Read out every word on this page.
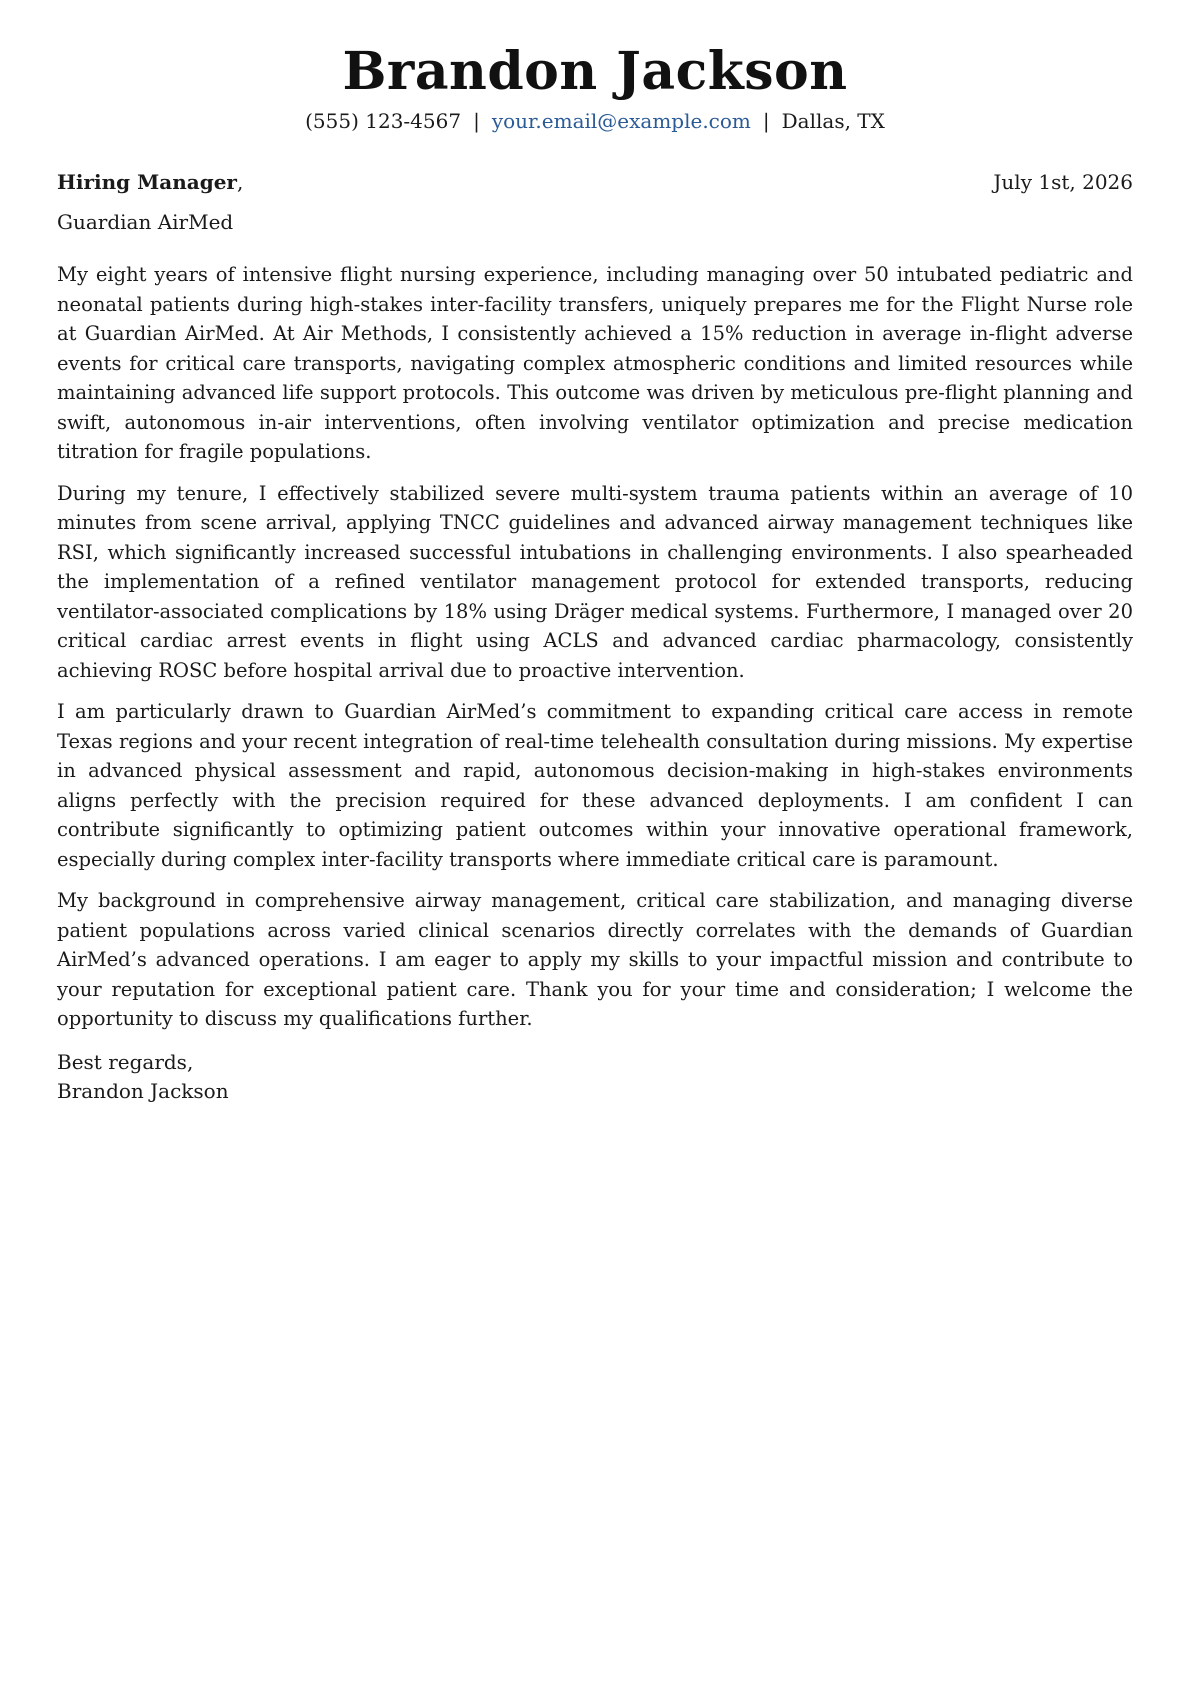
Brandon Jackson
(555) 123-4567 | your.email@example.com | Dallas, TX
Hiring Manager,	July 1st, 2026
Guardian AirMed

My eight years of intensive flight nursing experience, including managing over 50 intubated pediatric and neonatal patients during high-stakes inter-facility transfers, uniquely prepares me for the Flight Nurse role at Guardian AirMed. At Air Methods, I consistently achieved a 15% reduction in average in-flight adverse events for critical care transports, navigating complex atmospheric conditions and limited resources while maintaining advanced life support protocols. This outcome was driven by meticulous pre-flight planning and swift, autonomous in-air interventions, often involving ventilator optimization and precise medication titration for fragile populations.

During my tenure, I effectively stabilized severe multi-system trauma patients within an average of 10 minutes from scene arrival, applying TNCC guidelines and advanced airway management techniques like RSI, which significantly increased successful intubations in challenging environments. I also spearheaded the implementation of a refined ventilator management protocol for extended transports, reducing ventilator-associated complications by 18% using Dräger medical systems. Furthermore, I managed over 20 critical cardiac arrest events in flight using ACLS and advanced cardiac pharmacology, consistently achieving ROSC before hospital arrival due to proactive intervention.

I am particularly drawn to Guardian AirMed’s commitment to expanding critical care access in remote Texas regions and your recent integration of real-time telehealth consultation during missions. My expertise in advanced physical assessment and rapid, autonomous decision-making in high-stakes environments aligns perfectly with the precision required for these advanced deployments. I am confident I can contribute significantly to optimizing patient outcomes within your innovative operational framework, especially during complex inter-facility transports where immediate critical care is paramount.

My background in comprehensive airway management, critical care stabilization, and managing diverse patient populations across varied clinical scenarios directly correlates with the demands of Guardian AirMed’s advanced operations. I am eager to apply my skills to your impactful mission and contribute to your reputation for exceptional patient care. Thank you for your time and consideration; I welcome the opportunity to discuss my qualifications further.

Best regards,
Brandon Jackson
